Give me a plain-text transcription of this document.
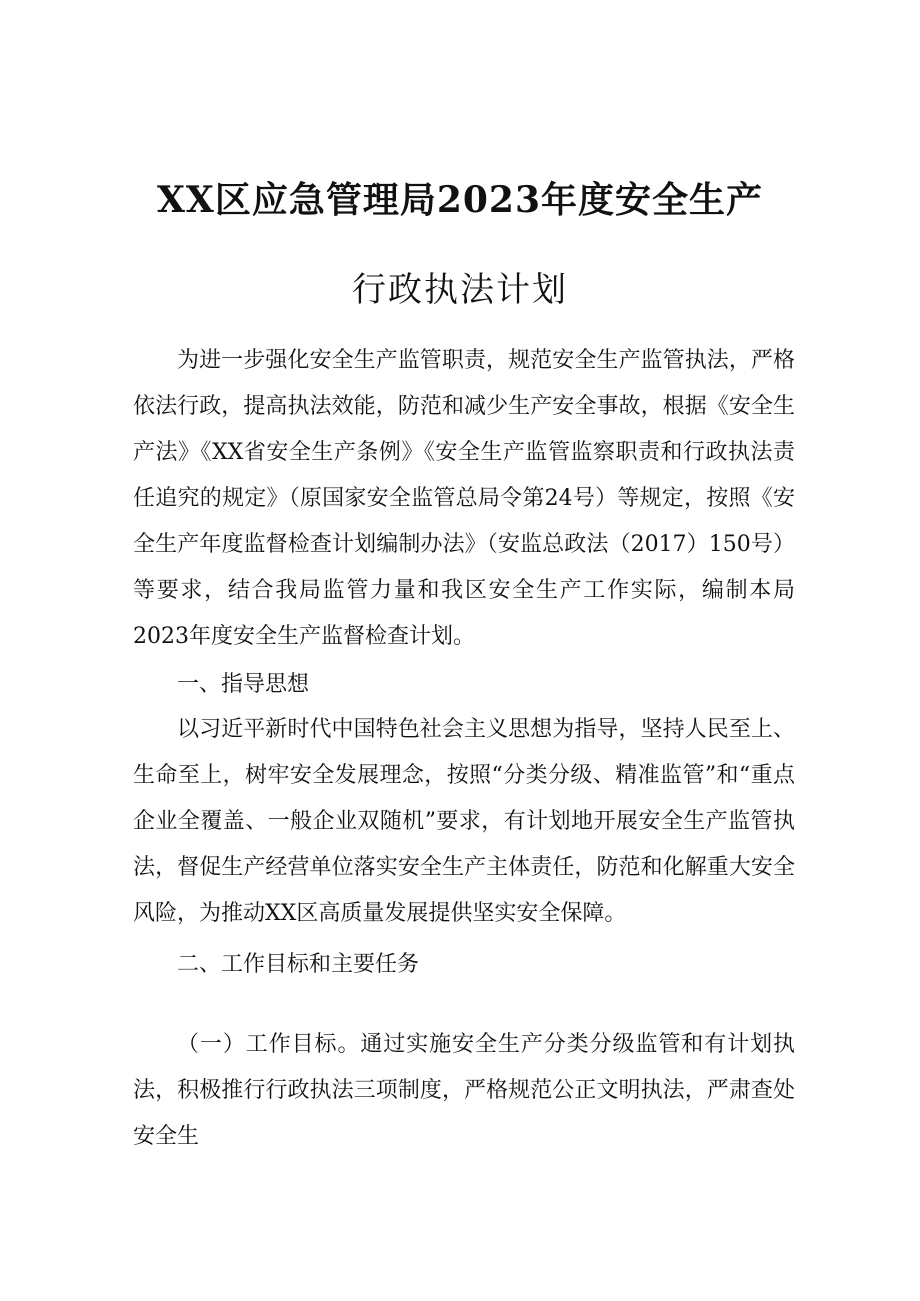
XX区应急管理局2023年度安全生产
行政执法计划

为进一步强化安全生产监管职责，规范安全生产监管执法，严格依法行政，提高执法效能，防范和减少生产安全事故，根据《安全生产法》《XX省安全生产条例》《安全生产监管监察职责和行政执法责任追究的规定》（原国家安全监管总局令第24号）等规定，按照《安全生产年度监督检查计划编制办法》（安监总政法（2017）150号）等要求，结合我局监管力量和我区安全生产工作实际，编制本局2023年度安全生产监督检查计划。

一、指导思想

以习近平新时代中国特色社会主义思想为指导，坚持人民至上、生命至上，树牢安全发展理念，按照“分类分级、精准监管”和“重点企业全覆盖、一般企业双随机”要求，有计划地开展安全生产监管执法，督促生产经营单位落实安全生产主体责任，防范和化解重大安全风险，为推动XX区高质量发展提供坚实安全保障。

二、工作目标和主要任务

（一）工作目标。通过实施安全生产分类分级监管和有计划执法，积极推行行政执法三项制度，严格规范公正文明执法，严肃查处安全生
